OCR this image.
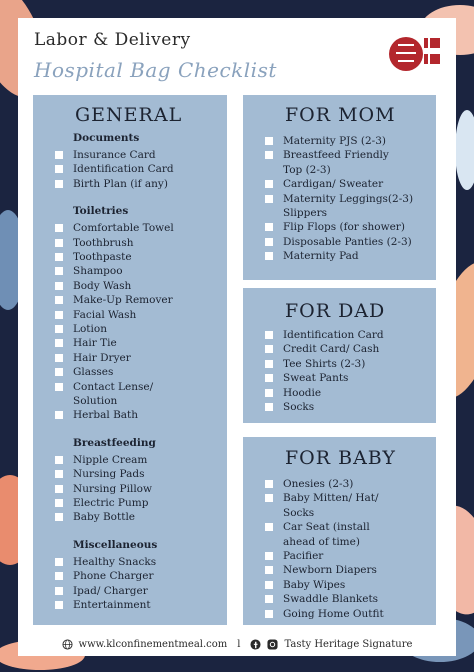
Labor & Delivery
Hospital Bag Checklist
GENERAL
Documents
Insurance Card
Identification Card
Birth Plan (if any)
Toiletries
Comfortable Towel
Toothbrush
Toothpaste
Shampoo
Body Wash
Make-Up Remover
Facial Wash
Lotion
Hair Tie
Hair Dryer
Glasses
Contact Lense/
Solution
Herbal Bath
Breastfeeding
Nipple Cream
Nursing Pads
Nursing Pillow
Electric Pump
Baby Bottle
Miscellaneous
Healthy Snacks
Phone Charger
Ipad/ Charger
Entertainment
FOR MOM
Maternity PJS (2-3)
Breastfeed Friendly
Top (2-3)
Cardigan/ Sweater
Maternity Leggings(2-3)
Slippers
Flip Flops (for shower)
Disposable Panties (2-3)
Maternity Pad
FOR DAD
Identification Card
Credit Card/ Cash
Tee Shirts (2-3)
Sweat Pants
Hoodie
Socks
FOR BABY
Onesies (2-3)
Baby Mitten/ Hat/
Socks
Car Seat (install
ahead of time)
Pacifier
Newborn Diapers
Baby Wipes
Swaddle Blankets
Going Home Outfit
www.klconfinementmeal.com l	Tasty Heritage Signature
